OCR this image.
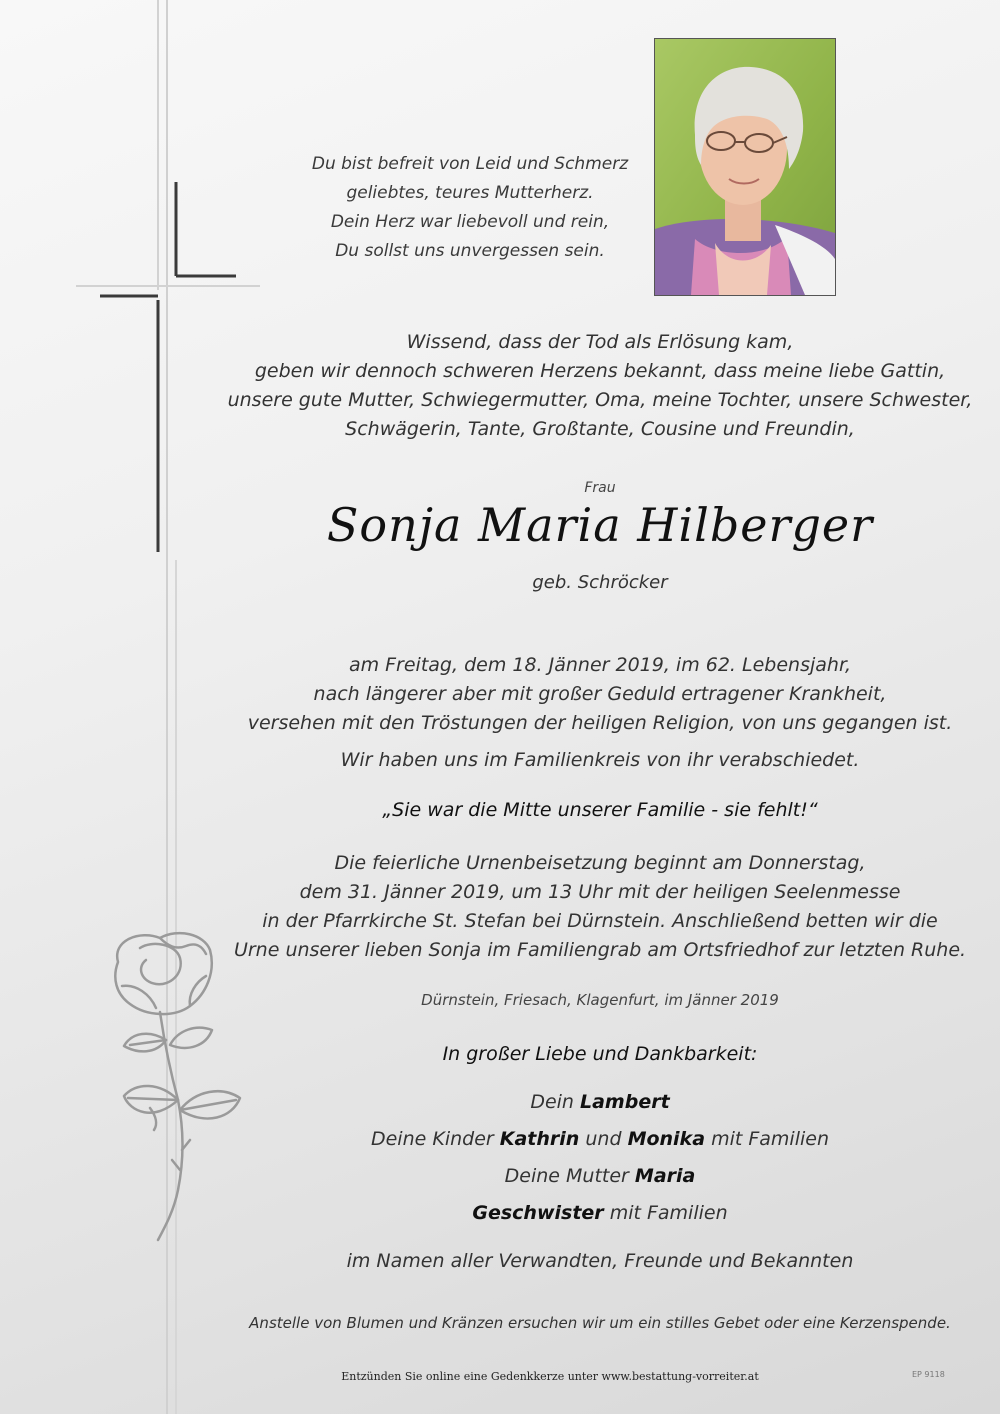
Du bist befreit von Leid und Schmerz
geliebtes, teures Mutterherz.
Dein Herz war liebevoll und rein,
Du sollst uns unvergessen sein.
Wissend, dass der Tod als Erlösung kam,
geben wir dennoch schweren Herzens bekannt, dass meine liebe Gattin,
unsere gute Mutter, Schwiegermutter, Oma, meine Tochter, unsere Schwester,
Schwägerin, Tante, Großtante, Cousine und Freundin,
Frau
Sonja Maria Hilberger
geb. Schröcker
am Freitag, dem 18. Jänner 2019, im 62. Lebensjahr,
nach längerer aber mit großer Geduld ertragener Krankheit,
versehen mit den Tröstungen der heiligen Religion, von uns gegangen ist.
Wir haben uns im Familienkreis von ihr verabschiedet.
„Sie war die Mitte unserer Familie - sie fehlt!“
Die feierliche Urnenbeisetzung beginnt am Donnerstag,
dem 31. Jänner 2019, um 13 Uhr mit der heiligen Seelenmesse
in der Pfarrkirche St. Stefan bei Dürnstein. Anschließend betten wir die
Urne unserer lieben Sonja im Familiengrab am Ortsfriedhof zur letzten Ruhe.
Dürnstein, Friesach, Klagenfurt, im Jänner 2019
In großer Liebe und Dankbarkeit:
Dein Lambert
Deine Kinder Kathrin und Monika mit Familien
Deine Mutter Maria
Geschwister mit Familien
im Namen aller Verwandten, Freunde und Bekannten
Anstelle von Blumen und Kränzen ersuchen wir um ein stilles Gebet oder eine Kerzenspende.
Entzünden Sie online eine Gedenkkerze unter www.bestattung-vorreiter.at	EP 9118
